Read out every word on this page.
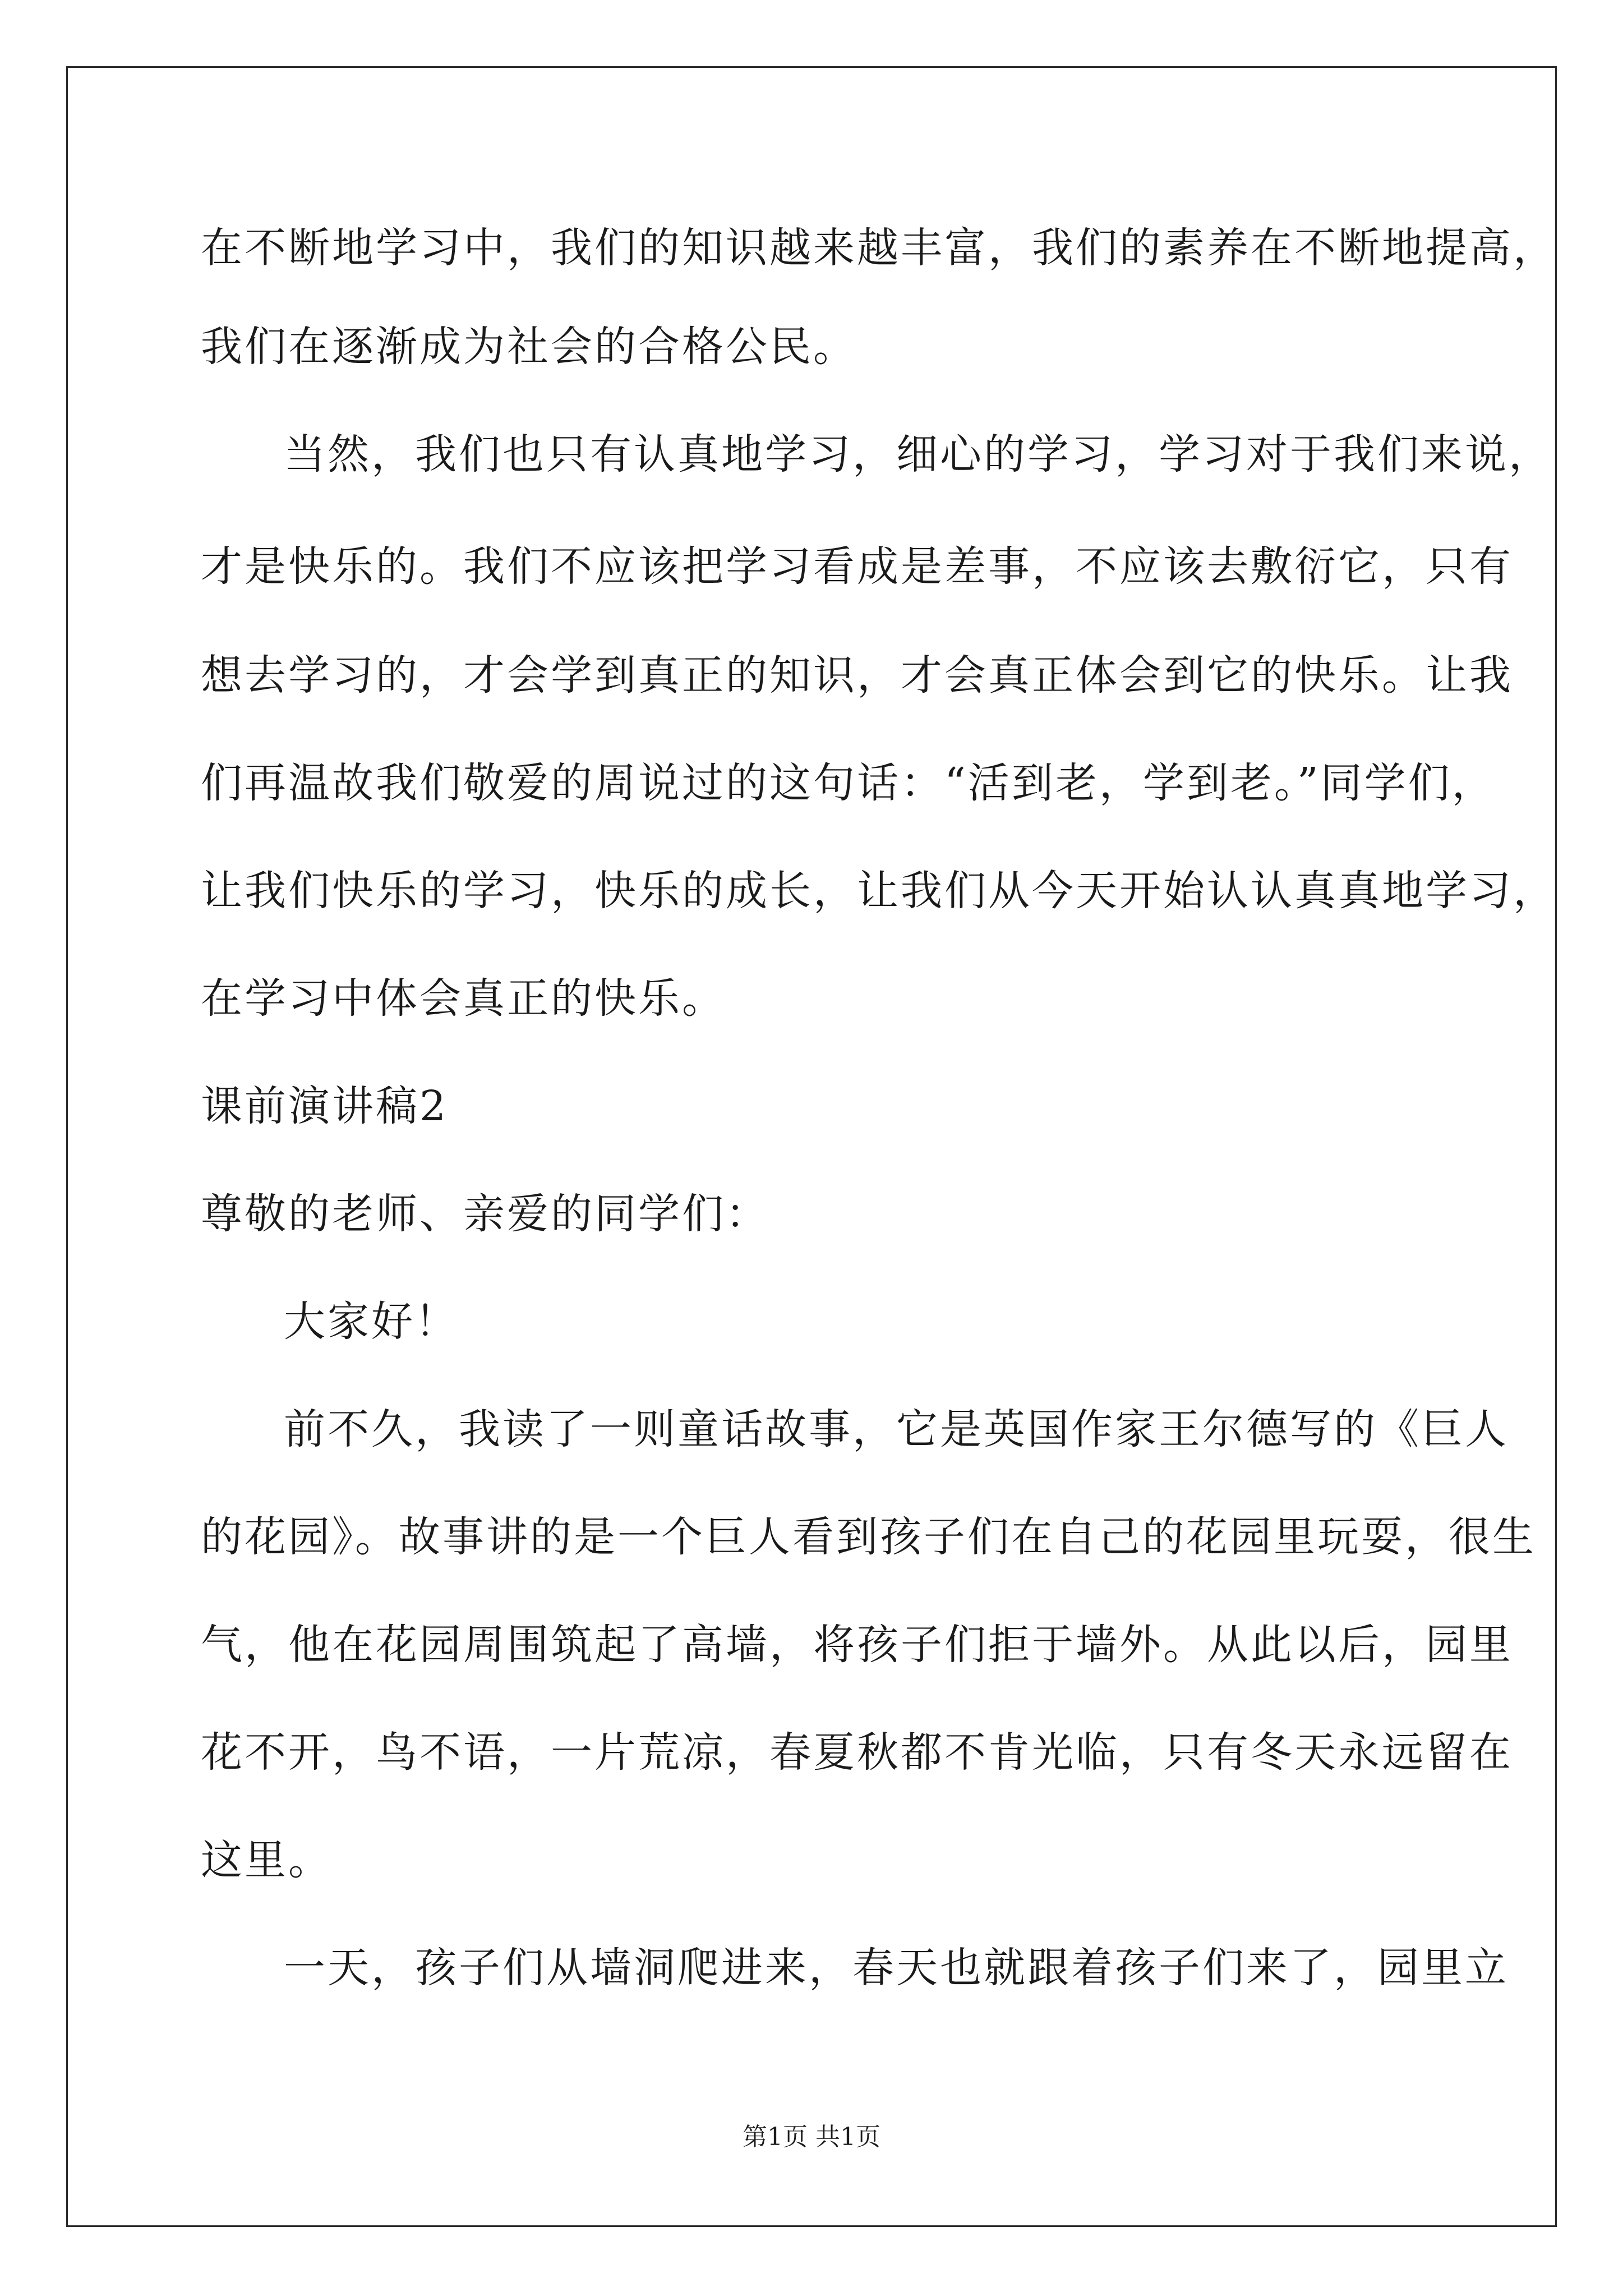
在不断地学习中，我们的知识越来越丰富，我们的素养在不断地提高，
我们在逐渐成为社会的合格公民。
当然，我们也只有认真地学习，细心的学习，学习对于我们来说，
才是快乐的。我们不应该把学习看成是差事，不应该去敷衍它，只有
想去学习的，才会学到真正的知识，才会真正体会到它的快乐。让我
们再温故我们敬爱的周说过的这句话：“活到老，学到老。”同学们，
让我们快乐的学习，快乐的成长，让我们从今天开始认认真真地学习，
在学习中体会真正的快乐。
课前演讲稿2
尊敬的老师、亲爱的同学们：
大家好！
前不久，我读了一则童话故事，它是英国作家王尔德写的《巨人
的花园》。故事讲的是一个巨人看到孩子们在自己的花园里玩耍，很生
气，他在花园周围筑起了高墙，将孩子们拒于墙外。从此以后，园里
花不开，鸟不语，一片荒凉，春夏秋都不肯光临，只有冬天永远留在
这里。
一天，孩子们从墙洞爬进来，春天也就跟着孩子们来了，园里立
第1页 共1页
